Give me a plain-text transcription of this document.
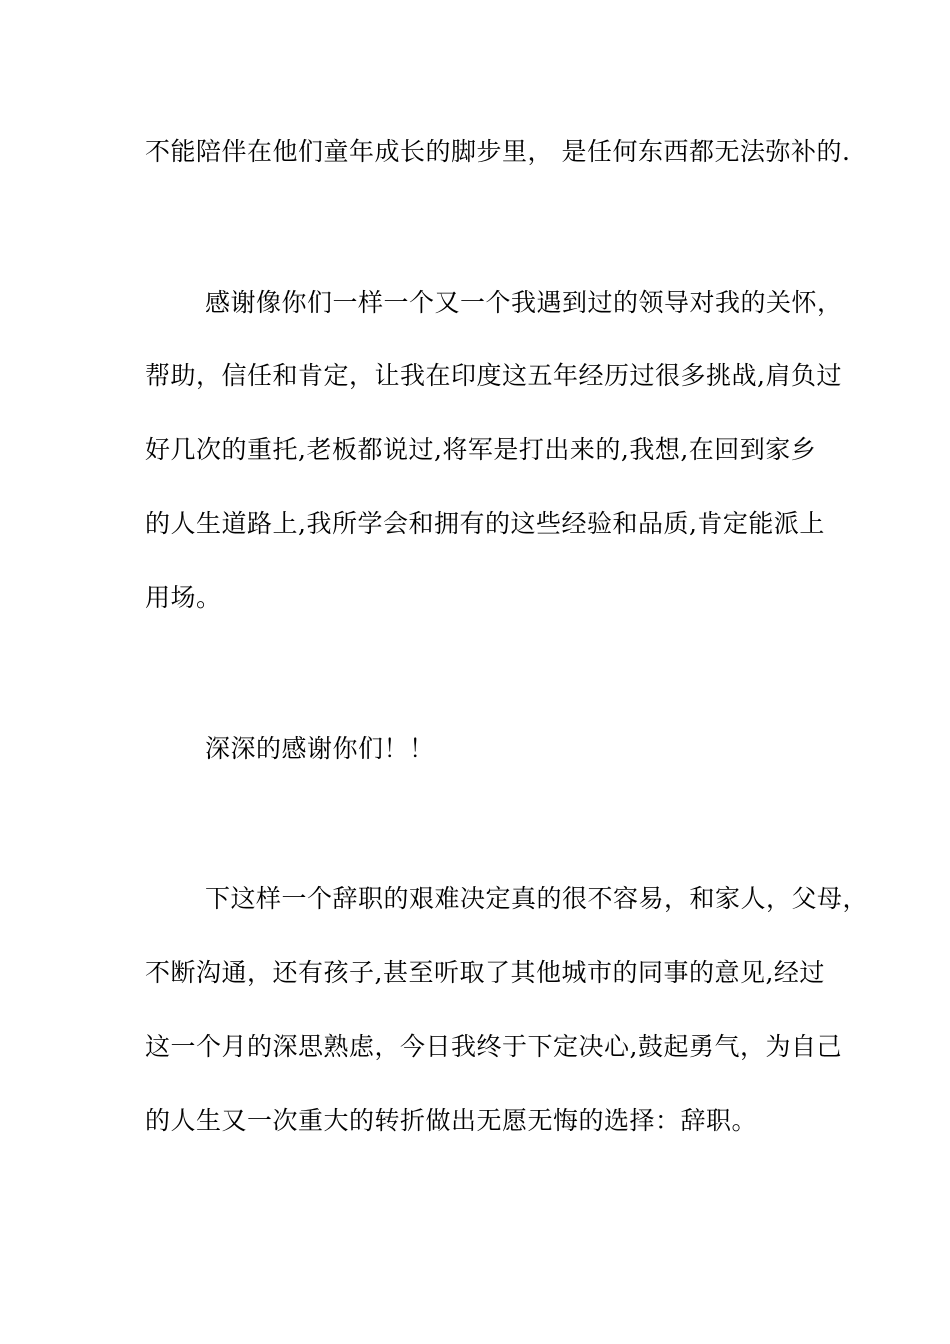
不能陪伴在他们童年成长的脚步里， 是任何东西都无法弥补的.
感谢像你们一样一个又一个我遇到过的领导对我的关怀，
帮助，信任和肯定，让我在印度这五年经历过很多挑战,肩负过
好几次的重托,老板都说过,将军是打出来的,我想,在回到家乡
的人生道路上,我所学会和拥有的这些经验和品质,肯定能派上
用场。
深深的感谢你们！！
下这样一个辞职的艰难决定真的很不容易，和家人，父母，
不断沟通，还有孩子,甚至听取了其他城市的同事的意见,经过
这一个月的深思熟虑，今日我终于下定决心,鼓起勇气，为自己
的人生又一次重大的转折做出无愿无悔的选择：辞职。
